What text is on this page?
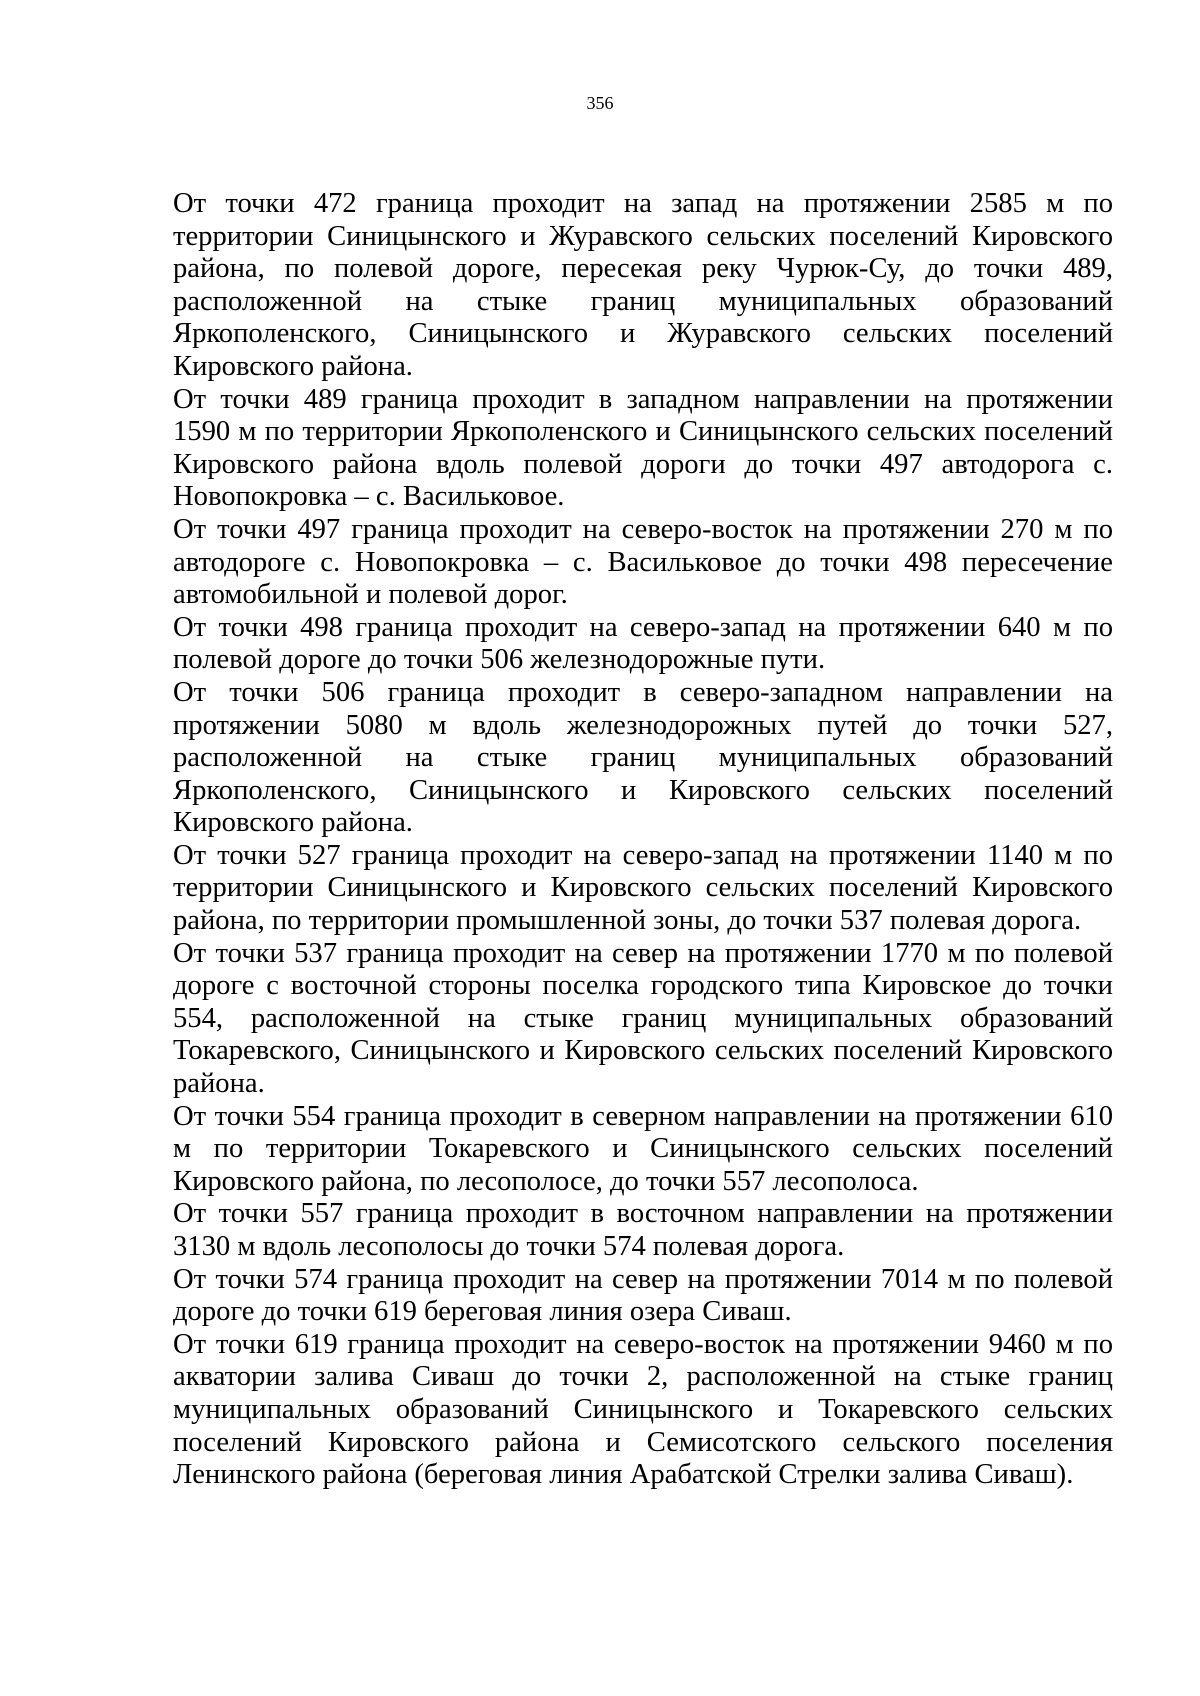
356

От точки 472 граница проходит на запад на протяжении 2585 м по территории Синицынского и Журавского сельских поселений Кировского района, по полевой дороге, пересекая реку Чурюк-Су, до точки 489, расположенной на стыке границ муниципальных образований Яркополенского, Синицынского и Журавского сельских поселений Кировского района.

От точки 489 граница проходит в западном направлении на протяжении 1590 м по территории Яркополенского и Синицынского сельских поселений Кировского района вдоль полевой дороги до точки 497 автодорога с. Новопокровка – с. Васильковое.

От точки 497 граница проходит на северо-восток на протяжении 270 м по автодороге с. Новопокровка – с. Васильковое до точки 498 пересечение автомобильной и полевой дорог.

От точки 498 граница проходит на северо-запад на протяжении 640 м по полевой дороге до точки 506 железнодорожные пути.

От точки 506 граница проходит в северо-западном направлении на протяжении 5080 м вдоль железнодорожных путей до точки 527, расположенной на стыке границ муниципальных образований Яркополенского, Синицынского и Кировского сельских поселений Кировского района.

От точки 527 граница проходит на северо-запад на протяжении 1140 м по территории Синицынского и Кировского сельских поселений Кировского района, по территории промышленной зоны, до точки 537 полевая дорога.

От точки 537 граница проходит на север на протяжении 1770 м по полевой дороге с восточной стороны поселка городского типа Кировское до точки 554, расположенной на стыке границ муниципальных образований Токаревского, Синицынского и Кировского сельских поселений Кировского района.

От точки 554 граница проходит в северном направлении на протяжении 610 м по территории Токаревского и Синицынского сельских поселений Кировского района, по лесополосе, до точки 557 лесополоса.

От точки 557 граница проходит в восточном направлении на протяжении 3130 м вдоль лесополосы до точки 574 полевая дорога.

От точки 574 граница проходит на север на протяжении 7014 м по полевой дороге до точки 619 береговая линия озера Сиваш.

От точки 619 граница проходит на северо-восток на протяжении 9460 м по акватории залива Сиваш до точки 2, расположенной на стыке границ муниципальных образований Синицынского и Токаревского сельских поселений Кировского района и Семисотского сельского поселения Ленинского района (береговая линия Арабатской Стрелки залива Сиваш).
